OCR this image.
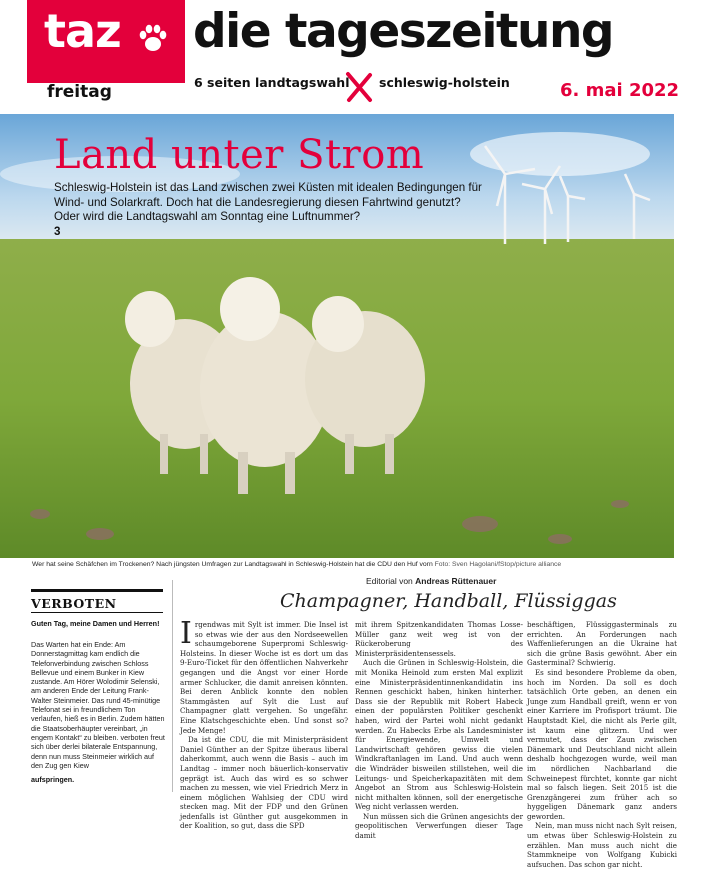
taz
freitag
die tageszeitung
6 seiten landtagswahl schleswig-holstein	6. mai 2022
Land unter Strom
Schleswig-Holstein ist das Land zwischen zwei Küsten mit idealen Bedingungen für Wind- und Solarkraft. Doch hat die Landesregierung diesen Fahrtwind genutzt? Oder wird die Landtagswahl am Sonntag eine Luftnummer?
3
Wer hat seine Schäfchen im Trockenen? Nach jüngsten Umfragen zur Landtagswahl in Schleswig-Holstein hat die CDU den Huf vorn Foto: Sven Hagolani/fStop/picture alliance
VERBOTEN
Guten Tag, meine Damen und Herren!
Das Warten hat ein Ende: Am Donnerstagmittag kam endlich die Telefonverbindung zwischen Schloss Bellevue und einem Bunker in Kiew zustande. Am Hörer Wolodimir Selenski, am anderen Ende der Leitung Frank-Walter Steinmeier. Das rund 45-minütige Telefonat sei in freundlichem Ton verlaufen, hieß es in Berlin. Zudem hätten die Staatsoberhäupter vereinbart, „in engem Kontakt“ zu bleiben. verboten freut sich über derlei bilaterale Entspannung, denn nun muss Steinmeier wirklich auf den Zug gen Kiew
aufspringen.
Editorial von Andreas Rüttenauer
Champagner, Handball, Flüssiggas

Irgendwas mit Sylt ist immer. Die Insel ist so etwas wie der aus den Nordseewellen schaumgeborene Superpromi Schleswig-Holsteins. In dieser Woche ist es dort um das 9-Euro-Ticket für den öffentlichen Nahverkehr gegangen und die Angst vor einer Horde armer Schlucker, die damit anreisen könnten. Bei deren Anblick konnte den noblen Stammgästen auf Sylt die Lust auf Champagner glatt vergehen. So ungefähr. Eine Klatschgeschichte eben. Und sonst so? Jede Menge!

Da ist die CDU, die mit Ministerpräsident Daniel Günther an der Spitze überaus liberal daherkommt, auch wenn die Basis – auch im Landtag – immer noch bäuerlich-konservativ geprägt ist. Auch das wird es so schwer machen zu messen, wie viel Friedrich Merz in einem möglichen Wahlsieg der CDU wird stecken mag. Mit der FDP und den Grünen jedenfalls ist Günther gut ausgekommen in der Koalition, so gut, dass die SPD

mit ihrem Spitzenkandidaten Thomas Losse-Müller ganz weit weg ist von der Rückeroberung des Ministerpräsidentensessels.

Auch die Grünen in Schleswig-Holstein, die mit Monika Heinold zum ersten Mal explizit eine Ministerpräsidentinnenkandidatin ins Rennen geschickt haben, hinken hinterher. Dass sie der Republik mit Robert Habeck einen der populärsten Politiker geschenkt haben, wird der Partei wohl nicht gedankt werden. Zu Habecks Erbe als Landesminister für Energiewende, Umwelt und Landwirtschaft gehören gewiss die vielen Windkraftanlagen im Land. Und auch wenn die Windräder bisweilen stillstehen, weil die Leitungs- und Speicherkapazitäten mit dem Angebot an Strom aus Schleswig-Holstein nicht mithalten können, soll der energetische Weg nicht verlassen werden.

Nun müssen sich die Grünen angesichts der geopolitischen Verwerfungen dieser Tage damit

beschäftigen, Flüssiggasterminals zu errichten. An Forderungen nach Waffenlieferungen an die Ukraine hat sich die grüne Basis gewöhnt. Aber ein Gasterminal? Schwierig.

Es sind besondere Probleme da oben, hoch im Norden. Da soll es doch tatsächlich Orte geben, an denen ein Junge zum Handball greift, wenn er von einer Karriere im Profisport träumt. Die Hauptstadt Kiel, die nicht als Perle gilt, ist kaum eine glitzern. Und wer vermutet, dass der Zaun zwischen Dänemark und Deutschland nicht allein deshalb hochgezogen wurde, weil man im nördlichen Nachbarland die Schweinepest fürchtet, konnte gar nicht mal so falsch liegen. Seit 2015 ist die Grenzgängerei zum früher ach so hyggeligen Dänemark ganz anders geworden.

Nein, man muss nicht nach Sylt reisen, um etwas über Schleswig-Holstein zu erzählen. Man muss auch nicht die Stammkneipe von Wolfgang Kubicki aufsuchen. Das schon gar nicht.
